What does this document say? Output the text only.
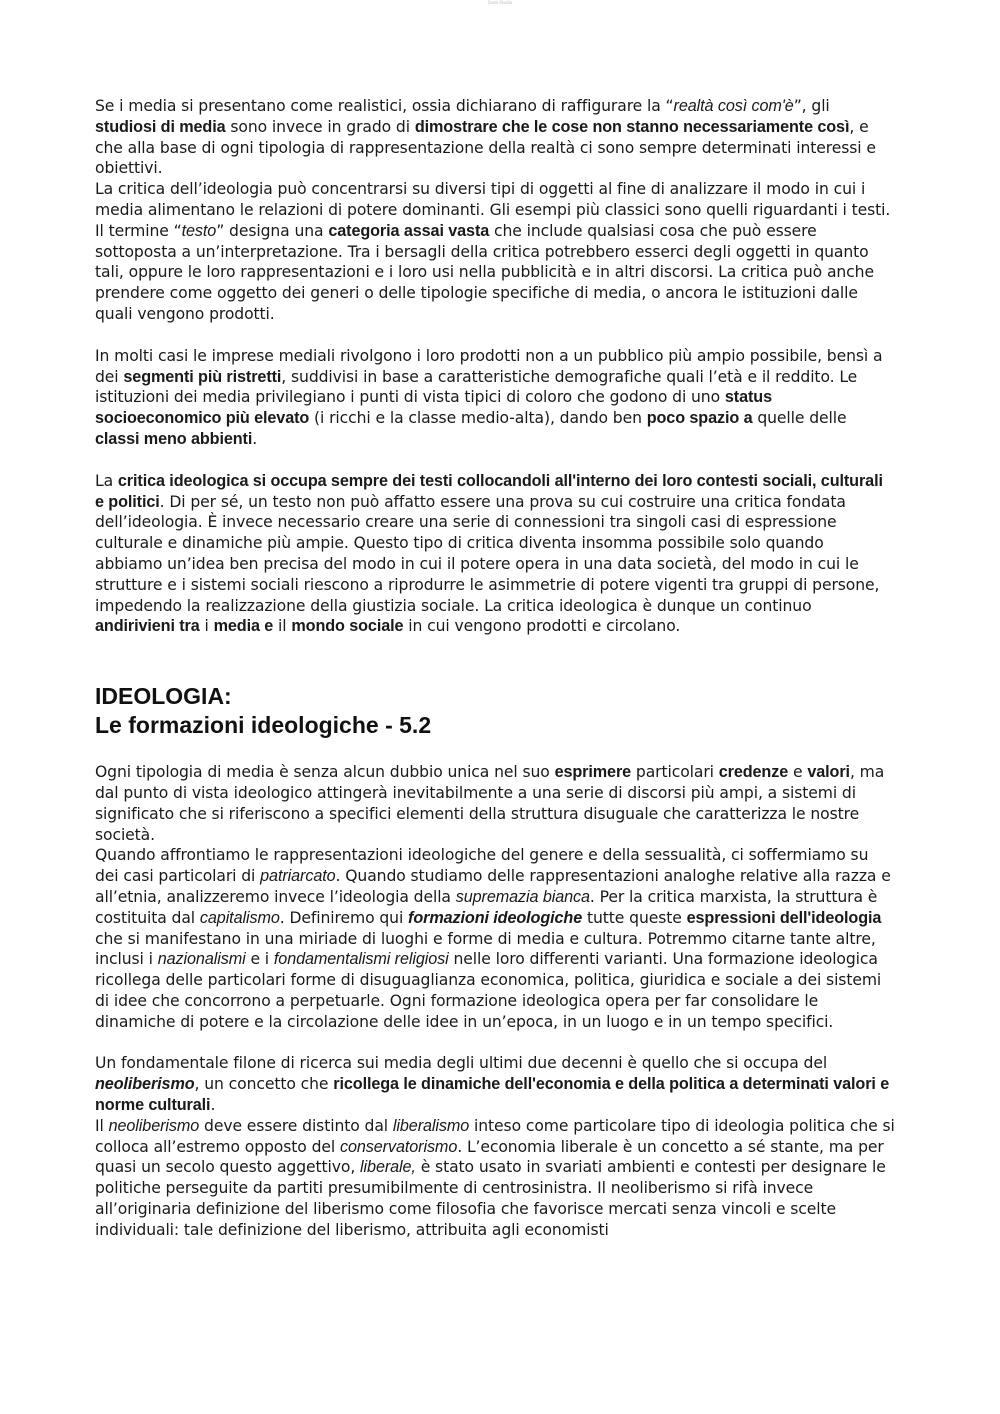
Sanb-Studio

Se i media si presentano come realistici, ossia dichiarano di raffigurare la “realtà così com'è”, gli studiosi di media sono invece in grado di dimostrare che le cose non stanno necessariamente così, e che alla base di ogni tipologia di rappresentazione della realtà ci sono sempre determinati interessi e obiettivi.

La critica dell’ideologia può concentrarsi su diversi tipi di oggetti al fine di analizzare il modo in cui i media alimentano le relazioni di potere dominanti. Gli esempi più classici sono quelli riguardanti i testi. Il termine “testo” designa una categoria assai vasta che include qualsiasi cosa che può essere sottoposta a un’interpretazione. Tra i bersagli della critica potrebbero esserci degli oggetti in quanto tali, oppure le loro rappresentazioni e i loro usi nella pubblicità e in altri discorsi. La critica può anche prendere come oggetto dei generi o delle tipologie specifiche di media, o ancora le istituzioni dalle quali vengono prodotti.

In molti casi le imprese mediali rivolgono i loro prodotti non a un pubblico più ampio possibile, bensì a dei segmenti più ristretti, suddivisi in base a caratteristiche demografiche quali l’età e il reddito. Le istituzioni dei media privilegiano i punti di vista tipici di coloro che godono di uno status socioeconomico più elevato (i ricchi e la classe medio-alta), dando ben poco spazio a quelle delle classi meno abbienti.

La critica ideologica si occupa sempre dei testi collocandoli all'interno dei loro contesti sociali, culturali e politici. Di per sé, un testo non può affatto essere una prova su cui costruire una critica fondata dell’ideologia. È invece necessario creare una serie di connessioni tra singoli casi di espressione culturale e dinamiche più ampie. Questo tipo di critica diventa insomma possibile solo quando abbiamo un’idea ben precisa del modo in cui il potere opera in una data società, del modo in cui le strutture e i sistemi sociali riescono a riprodurre le asimmetrie di potere vigenti tra gruppi di persone, impedendo la realizzazione della giustizia sociale. La critica ideologica è dunque un continuo andirivieni tra i media e il mondo sociale in cui vengono prodotti e circolano.

IDEOLOGIA:
Le formazioni ideologiche - 5.2

Ogni tipologia di media è senza alcun dubbio unica nel suo esprimere particolari credenze e valori, ma dal punto di vista ideologico attingerà inevitabilmente a una serie di discorsi più ampi, a sistemi di significato che si riferiscono a specifici elementi della struttura disuguale che caratterizza le nostre società.

Quando affrontiamo le rappresentazioni ideologiche del genere e della sessualità, ci soffermiamo su dei casi particolari di patriarcato. Quando studiamo delle rappresentazioni analoghe relative alla razza e all’etnia, analizzeremo invece l’ideologia della supremazia bianca. Per la critica marxista, la struttura è costituita dal capitalismo. Definiremo qui formazioni ideologiche tutte queste espressioni dell'ideologia che si manifestano in una miriade di luoghi e forme di media e cultura. Potremmo citarne tante altre, inclusi i nazionalismi e i fondamentalismi religiosi nelle loro differenti varianti. Una formazione ideologica ricollega delle particolari forme di disuguaglianza economica, politica, giuridica e sociale a dei sistemi di idee che concorrono a perpetuarle. Ogni formazione ideologica opera per far consolidare le dinamiche di potere e la circolazione delle idee in un’epoca, in un luogo e in un tempo specifici.

Un fondamentale filone di ricerca sui media degli ultimi due decenni è quello che si occupa del neoliberismo, un concetto che ricollega le dinamiche dell'economia e della politica a determinati valori e norme culturali.

Il neoliberismo deve essere distinto dal liberalismo inteso come particolare tipo di ideologia politica che si colloca all’estremo opposto del conservatorismo. L’economia liberale è un concetto a sé stante, ma per quasi un secolo questo aggettivo, liberale, è stato usato in svariati ambienti e contesti per designare le politiche perseguite da partiti presumibilmente di centrosinistra. Il neoliberismo si rifà invece all’originaria definizione del liberismo come filosofia che favorisce mercati senza vincoli e scelte individuali: tale definizione del liberismo, attribuita agli economisti
